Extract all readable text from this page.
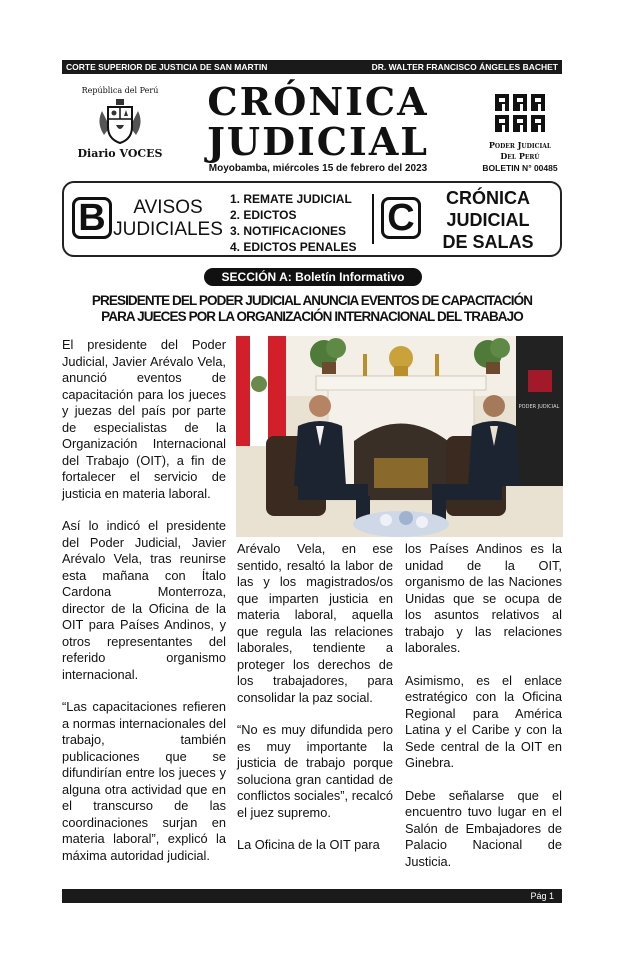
CORTE SUPERIOR DE JUSTICIA DE SAN MARTIN	DR. WALTER FRANCISCO ÁNGELES BACHET
República del Perú
Diario VOCES
CRÓNICA
JUDICIAL
Moyobamba, miércoles 15 de febrero del 2023
Poder Judicial
Del Perú
BOLETIN N° 00485
B	AVISOS
JUDICIALES
1. REMATE JUDICIAL
2. EDICTOS
3. NOTIFICACIONES
4. EDICTOS PENALES
C	CRÓNICA
JUDICIAL
DE SALAS
SECCIÓN A: Boletín Informativo
PRESIDENTE DEL PODER JUDICIAL ANUNCIA EVENTOS DE CAPACITACIÓN
PARA JUECES POR LA ORGANIZACIÓN INTERNACIONAL DEL TRABAJO

El presidente del Poder Judicial, Javier Arévalo Vela, anunció eventos de capacitación para los jueces y juezas del país por parte de especialistas de la Organización Internacional del Trabajo (OIT), a fin de fortalecer el servicio de justicia en materia laboral.

Así lo indicó el presidente del Poder Judicial, Javier Arévalo Vela, tras reunirse esta mañana con Ítalo Cardona Monterroza, director de la Oficina de la OIT para Países Andinos, y otros representantes del referido organismo internacional.

“Las capacitaciones refieren a normas internacionales del trabajo, también publicaciones que se difundirían entre los jueces y alguna otra actividad que en el transcurso de las coordinaciones surjan en materia laboral”, explicó la máxima autoridad judicial.

PODER JUDICIAL

Arévalo Vela, en ese sentido, resaltó la labor de las y los magistrados/os que imparten justicia en materia laboral, aquella que regula las relaciones laborales, tendiente a proteger los derechos de los trabajadores, para consolidar la paz social.

“No es muy difundida pero es muy importante la justicia de trabajo porque soluciona gran cantidad de conflictos sociales”, recalcó el juez supremo.

La Oficina de la OIT para

los Países Andinos es la unidad de la OIT, organismo de las Naciones Unidas que se ocupa de los asuntos relativos al trabajo y las relaciones laborales.

Asimismo, es el enlace estratégico con la Oficina Regional para América Latina y el Caribe y con la Sede central de la OIT en Ginebra.

Debe señalarse que el encuentro tuvo lugar en el Salón de Embajadores de Palacio Nacional de Justicia.

Pág 1
